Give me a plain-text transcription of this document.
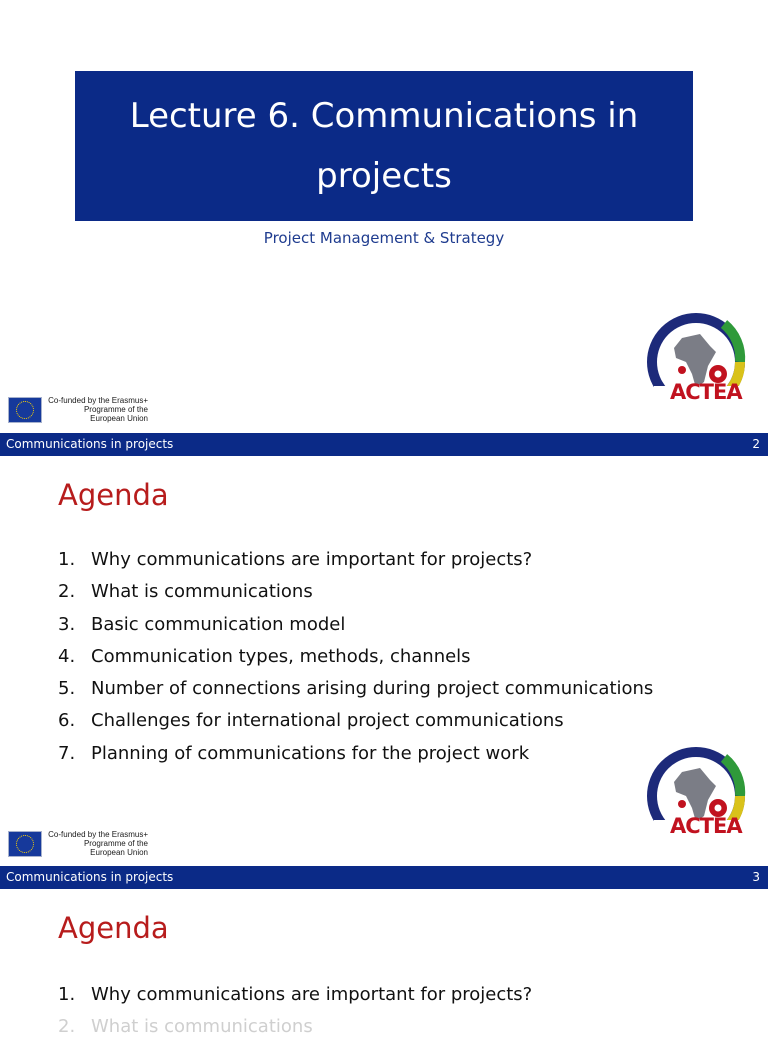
Lecture 6. Communications in projects
Project Management & Strategy
Co-funded by the Erasmus+ Programme of the European Union
ACTEA
Communications in projects	2
Agenda
1. Why communications are important for projects?
2. What is communications
3. Basic communication model
4. Communication types, methods, channels
5. Number of connections arising during project communications
6. Challenges for international project communications
7. Planning of communications for the project work
Co-funded by the Erasmus+ Programme of the European Union
ACTEA
Communications in projects	3
Agenda
1. Why communications are important for projects?
2. What is communications
